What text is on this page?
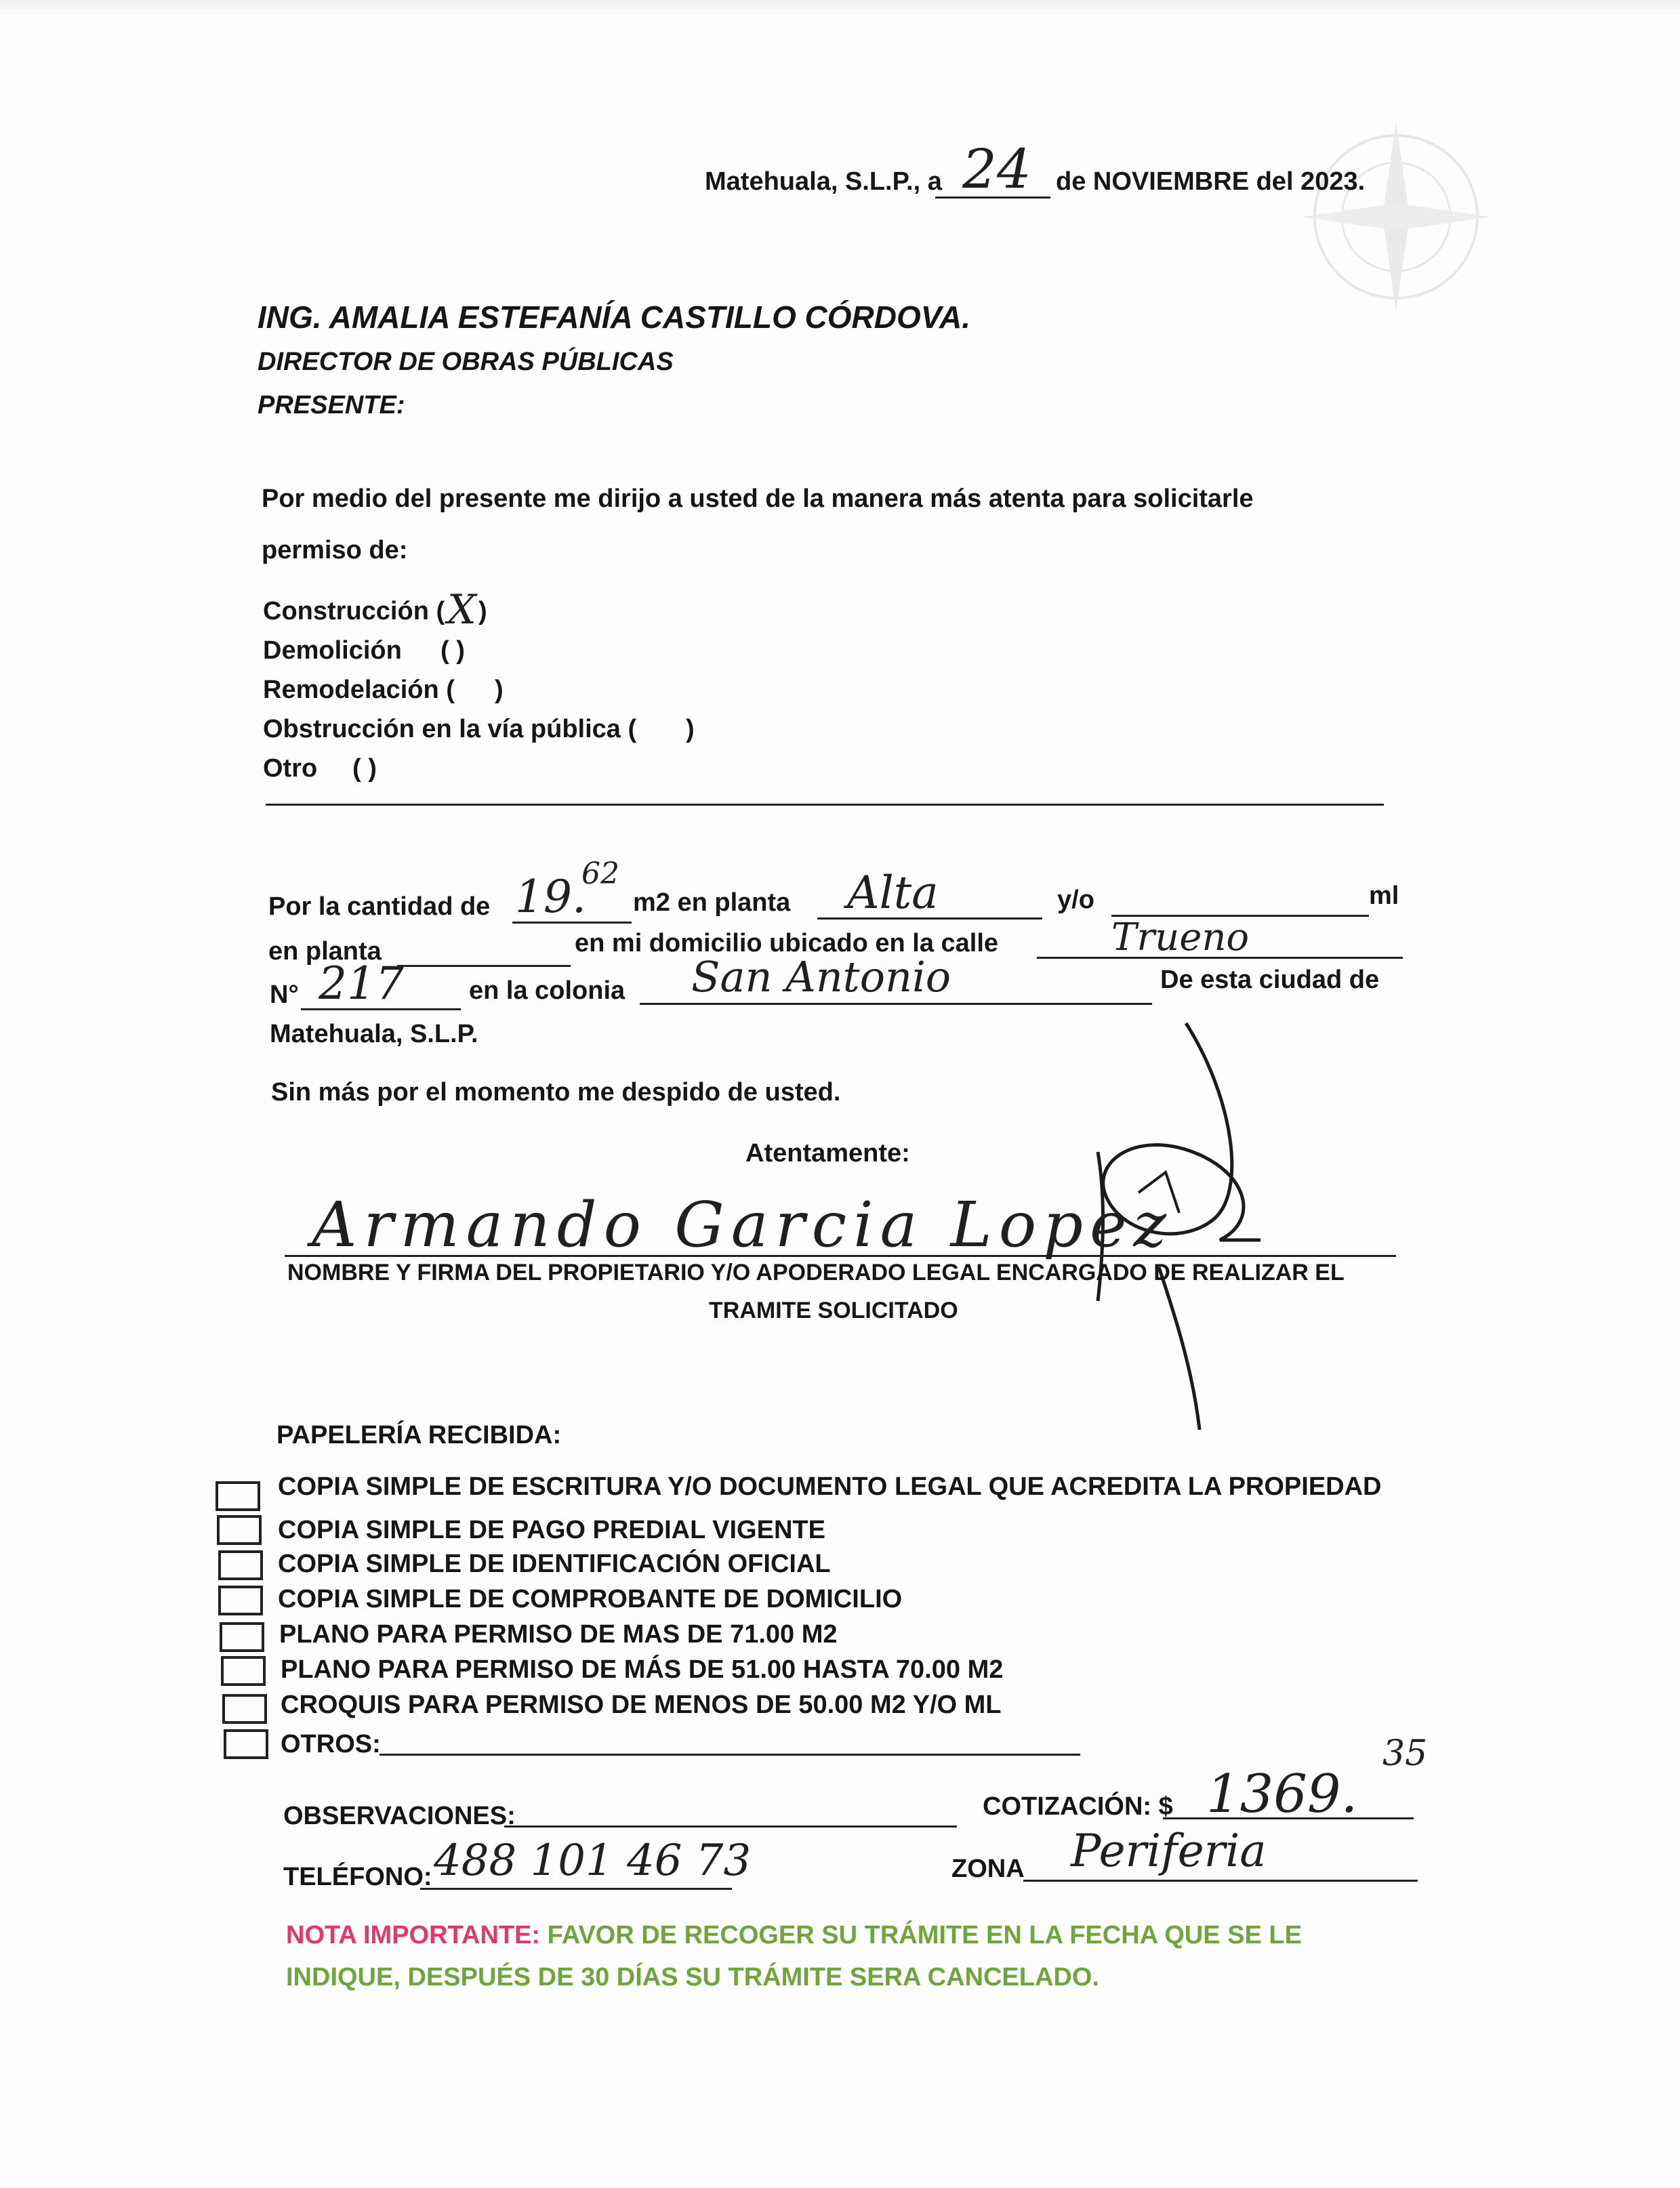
Matehuala, S.L.P., a 24 de NOVIEMBRE del 2023.
ING. AMALIA ESTEFANÍA CASTILLO CÓRDOVA.
DIRECTOR DE OBRAS PÚBLICAS
PRESENTE:
Por medio del presente me dirijo a usted de la manera más atenta para solicitarle
permiso de:
Construcción ( X )
Demolición ( )
Remodelación ( )
Obstrucción en la vía pública ( )
Otro ( )
Por la cantidad de 19.
62
m2 en planta Alta	y/o	ml
en planta	en mi domicilio ubicado en la calle	Trueno
N° 217	en la colonia San Antonio	De esta ciudad de
Matehuala, S.L.P.
Sin más por el momento me despido de usted.
Atentamente:
Armando Garcia Lopez
NOMBRE Y FIRMA DEL PROPIETARIO Y/O APODERADO LEGAL ENCARGADO DE REALIZAR EL
TRAMITE SOLICITADO
PAPELERÍA RECIBIDA:
COPIA SIMPLE DE ESCRITURA Y/O DOCUMENTO LEGAL QUE ACREDITA LA PROPIEDAD
COPIA SIMPLE DE PAGO PREDIAL VIGENTE
COPIA SIMPLE DE IDENTIFICACIÓN OFICIAL
COPIA SIMPLE DE COMPROBANTE DE DOMICILIO
PLANO PARA PERMISO DE MAS DE 71.00 M2
PLANO PARA PERMISO DE MÁS DE 51.00 HASTA 70.00 M2
CROQUIS PARA PERMISO DE MENOS DE 50.00 M2 Y/O ML
OTROS:
OBSERVACIONES:	COTIZACIÓN: $ 1369.
35
TELÉFONO: 488 101 46 73	ZONA Periferia
NOTA IMPORTANTE: FAVOR DE RECOGER SU TRÁMITE EN LA FECHA QUE SE LE
INDIQUE, DESPUÉS DE 30 DÍAS SU TRÁMITE SERA CANCELADO.
